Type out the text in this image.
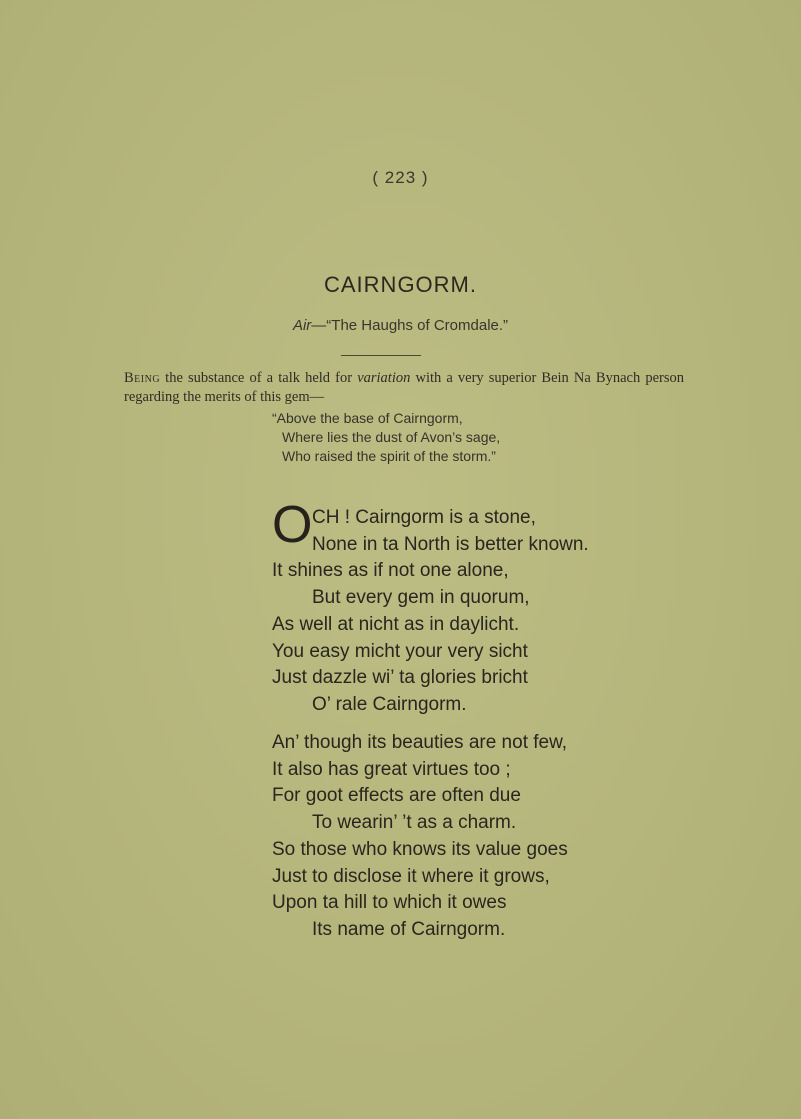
( 223 )
CAIRNGORM.
Air—“The Haughs of Cromdale.”
Being the substance of a talk held for variation with a very superior Bein Na Bynach person regarding the merits of this gem—
“Above the base of Cairngorm,
Where lies the dust of Avon’s sage,
Who raised the spirit of the storm.”
O CH ! Cairngorm is a stone,
None in ta North is better known.
It shines as if not one alone,
But every gem in quorum,
As well at nicht as in daylicht.
You easy micht your very sicht
Just dazzle wi’ ta glories bricht
O’ rale Cairngorm.
An’ though its beauties are not few,
It also has great virtues too ;
For goot effects are often due
To wearin’ ’t as a charm.
So those who knows its value goes
Just to disclose it where it grows,
Upon ta hill to which it owes
Its name of Cairngorm.
